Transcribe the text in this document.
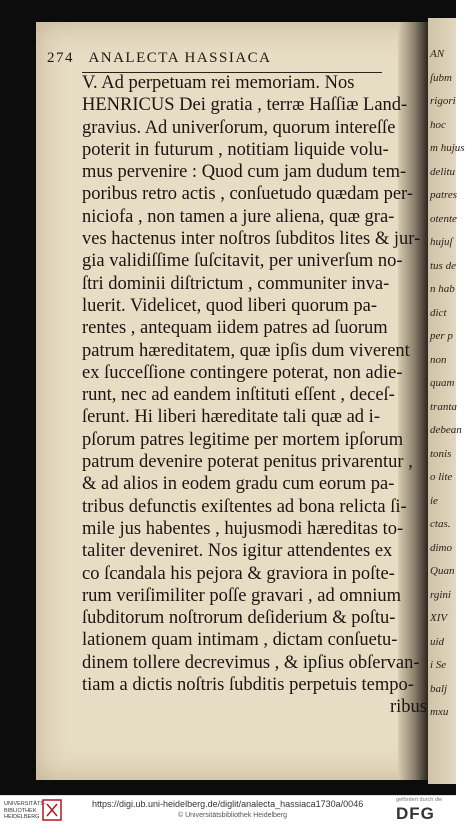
AN
ſubm
rigori
hoc
m hujus
delitu
patres
otente
hujuſ
tus de
n hab
dict
per p
non
quam
tranta
debean
tonis
o lite
ie
ctas.
dimo
Quan
rgini
XIV
uid
i Se
balj
mxu
274 ANALECTA HASSIACA
V. Ad perpetuam rei memoriam. Nos
HENRICUS Dei gratia , terræ Haſſiæ Land-
gravius. Ad univerſorum, quorum intereſſe
poterit in futurum , notitiam liquide volu-
mus pervenire : Quod cum jam dudum tem-
poribus retro actis , conſuetudo quædam per-
niciofa , non tamen a jure aliena, quæ gra-
ves hactenus inter noſtros ſubditos lites & jur-
gia validiſſime ſuſcitavit, per univerſum no-
ſtri dominii diſtrictum , communiter inva-
luerit. Videlicet, quod liberi quorum pa-
rentes , antequam iidem patres ad ſuorum
patrum hæreditatem, quæ ipſis dum viverent
ex ſucceſſione contingere poterat, non adie-
runt, nec ad eandem inſtituti eſſent , deceſ-
ſerunt. Hi liberi hæreditate tali quæ ad i-
pſorum patres legitime per mortem ipſorum
patrum devenire poterat penitus privarentur ,
& ad alios in eodem gradu cum eorum pa-
tribus defunctis exiſtentes ad bona relicta ſi-
mile jus habentes , hujusmodi hæreditas to-
taliter deveniret. Nos igitur attendentes ex
co ſcandala his pejora & graviora in poſte-
rum veriſimiliter poſſe gravari , ad omnium
ſubditorum noſtrorum deſiderium & poſtu-
lationem quam intimam , dictam conſuetu-
dinem tollere decrevimus , & ipſius obſervan-
tiam a dictis noſtris ſubditis perpetuis tempo-
ribus
UNIVERSITÄTS-
BIBLIOTHEK
HEIDELBERG
https://digi.ub.uni-heidelberg.de/diglit/analecta_hassiaca1730a/0046
© Universitätsbibliothek Heidelberg
gefördert durch die
DFG
